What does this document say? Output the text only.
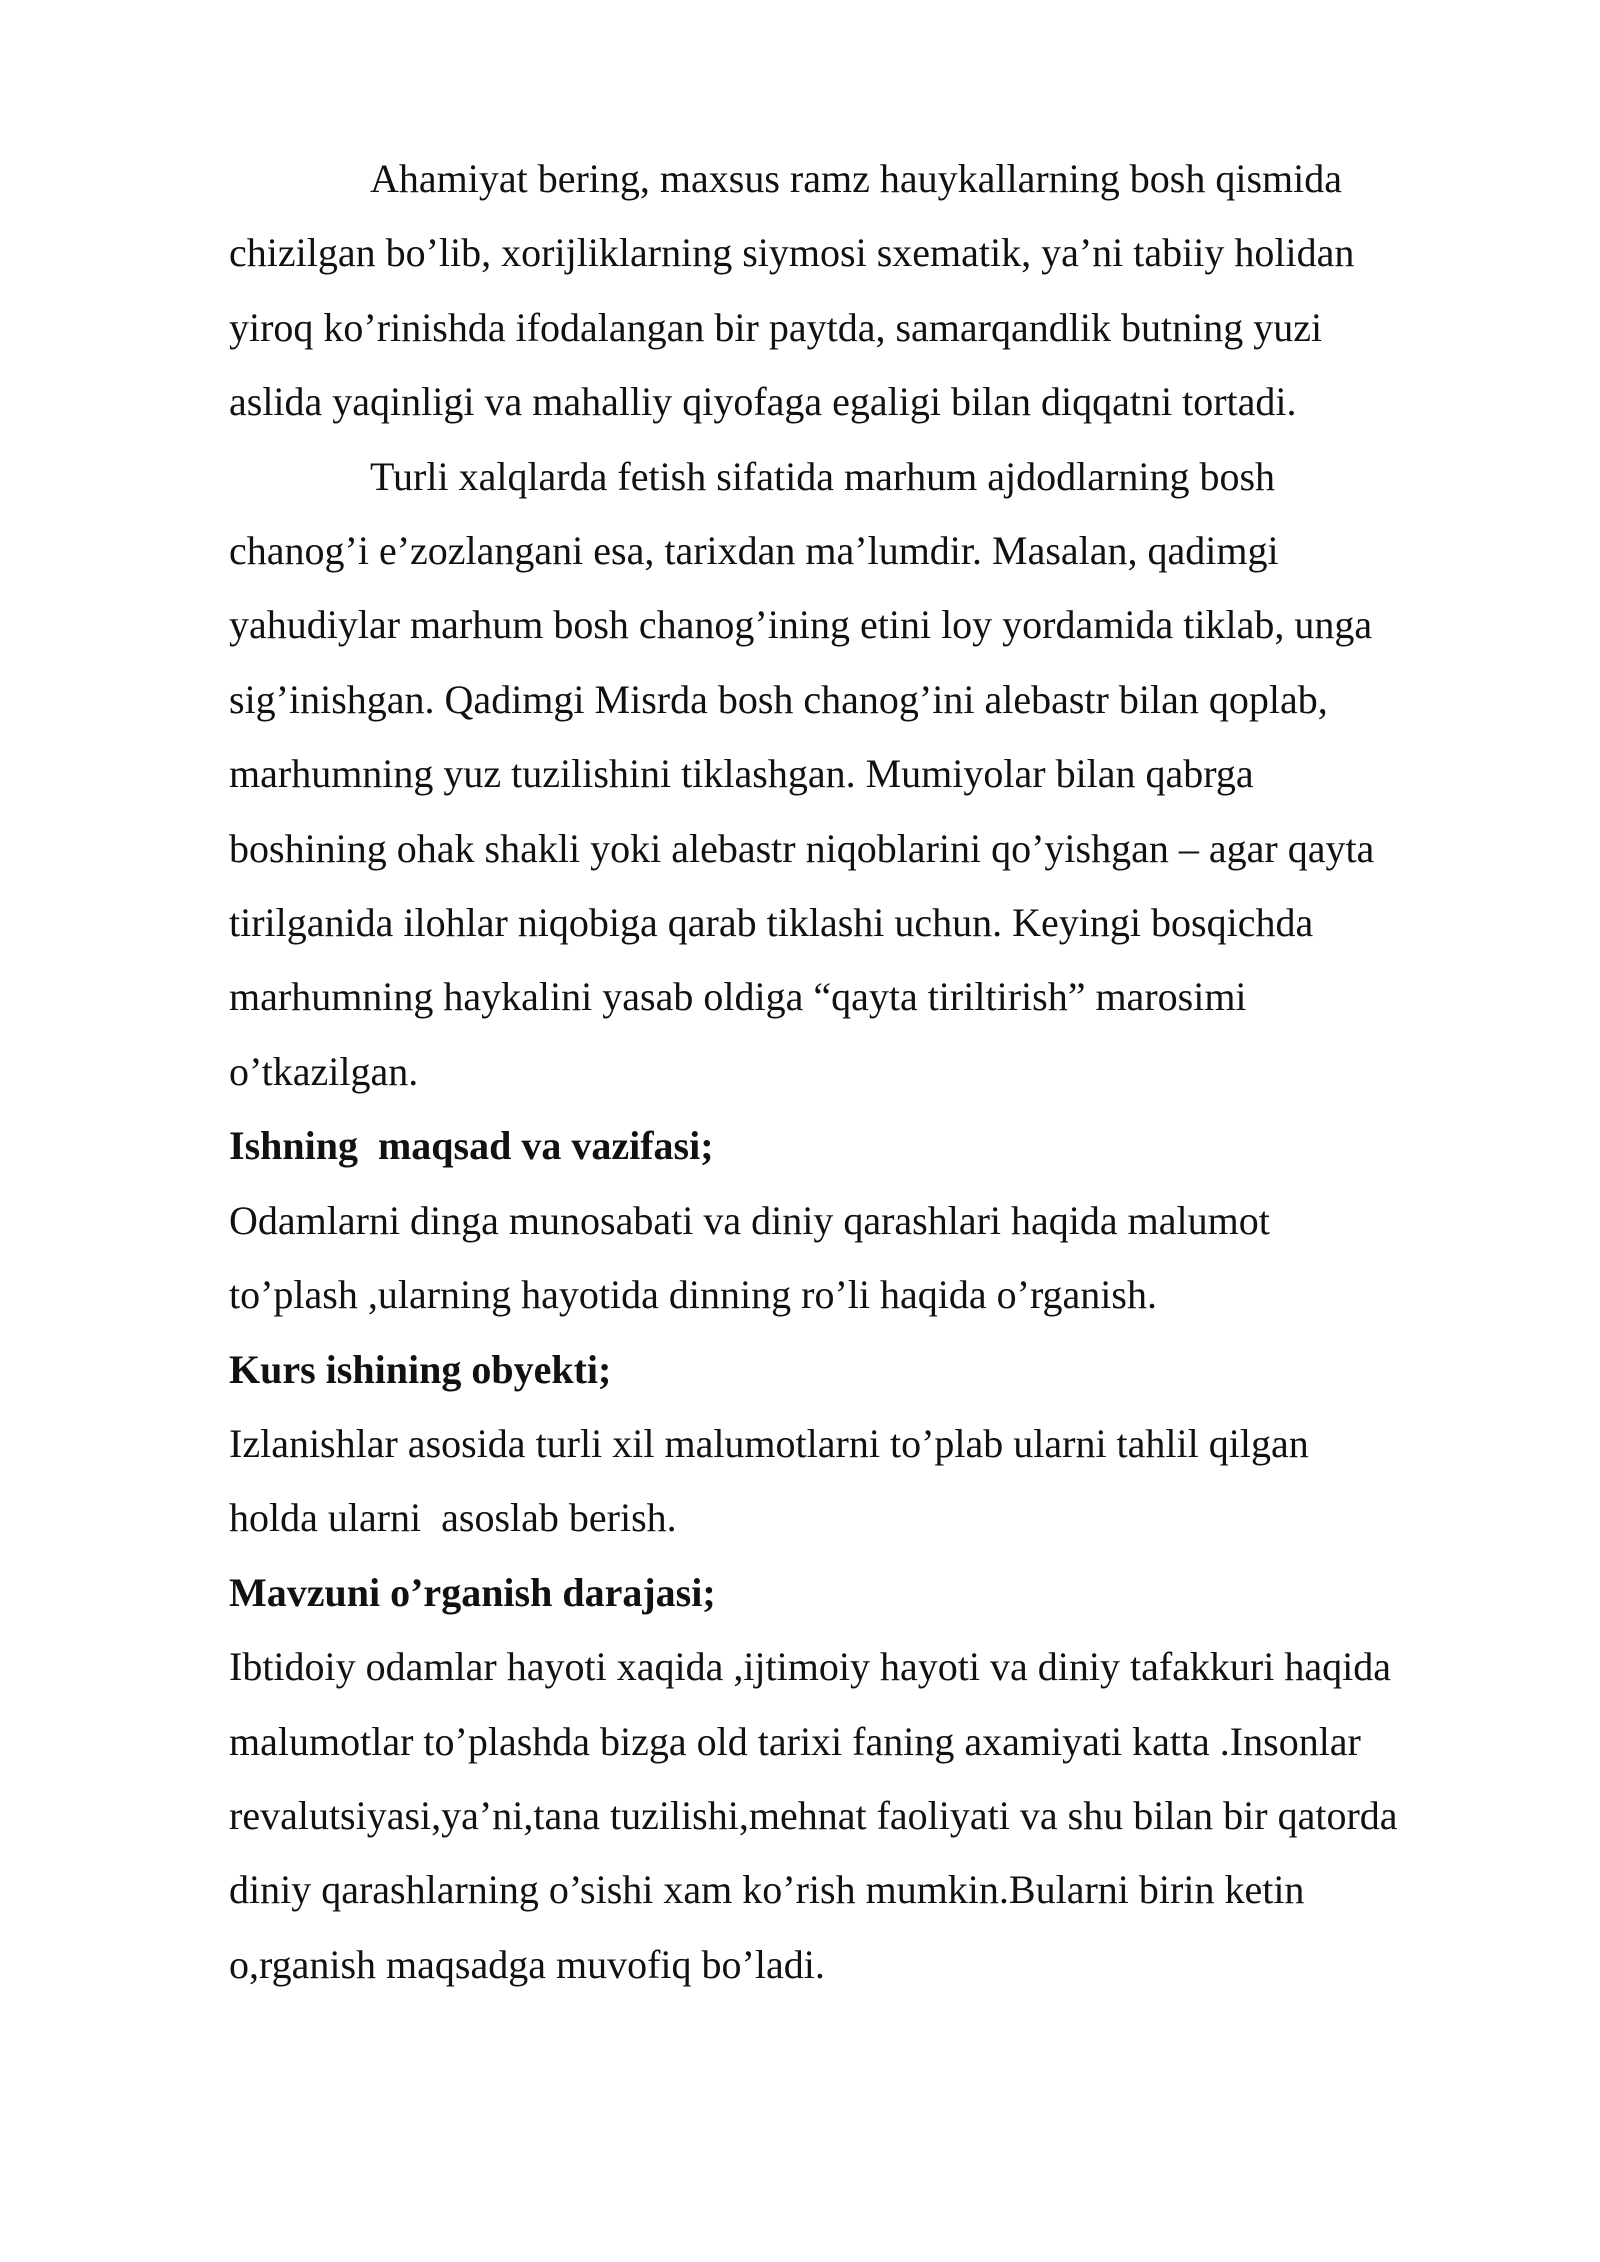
Ahamiyat bering, maxsus ramz hauykallarning bosh qismida
chizilgan bo’lib, xorijliklarning siymosi sxematik, ya’ni tabiiy holidan
yiroq ko’rinishda ifodalangan bir paytda, samarqandlik butning yuzi
aslida yaqinligi va mahalliy qiyofaga egaligi bilan diqqatni tortadi.

Turli xalqlarda fetish sifatida marhum ajdodlarning bosh
chanog’i e’zozlangani esa, tarixdan ma’lumdir. Masalan, qadimgi
yahudiylar marhum bosh chanog’ining etini loy yordamida tiklab, unga
sig’inishgan. Qadimgi Misrda bosh chanog’ini alebastr bilan qoplab,
marhumning yuz tuzilishini tiklashgan. Mumiyolar bilan qabrga
boshining ohak shakli yoki alebastr niqoblarini qo’yishgan – agar qayta
tirilganida ilohlar niqobiga qarab tiklashi uchun. Keyingi bosqichda
marhumning haykalini yasab oldiga “qayta tiriltirish” marosimi
o’tkazilgan.

Ishning  maqsad va vazifasi;

Odamlarni dinga munosabati va diniy qarashlari haqida malumot
to’plash ,ularning hayotida dinning ro’li haqida o’rganish.

Kurs ishining obyekti;

Izlanishlar asosida turli xil malumotlarni to’plab ularni tahlil qilgan
holda ularni  asoslab berish.

Mavzuni o’rganish darajasi;

Ibtidoiy odamlar hayoti xaqida ,ijtimoiy hayoti va diniy tafakkuri haqida
malumotlar to’plashda bizga old tarixi faning axamiyati katta .Insonlar
revalutsiyasi,ya’ni,tana tuzilishi,mehnat faoliyati va shu bilan bir qatorda
diniy qarashlarning o’sishi xam ko’rish mumkin.Bularni birin ketin
o,rganish maqsadga muvofiq bo’ladi.
